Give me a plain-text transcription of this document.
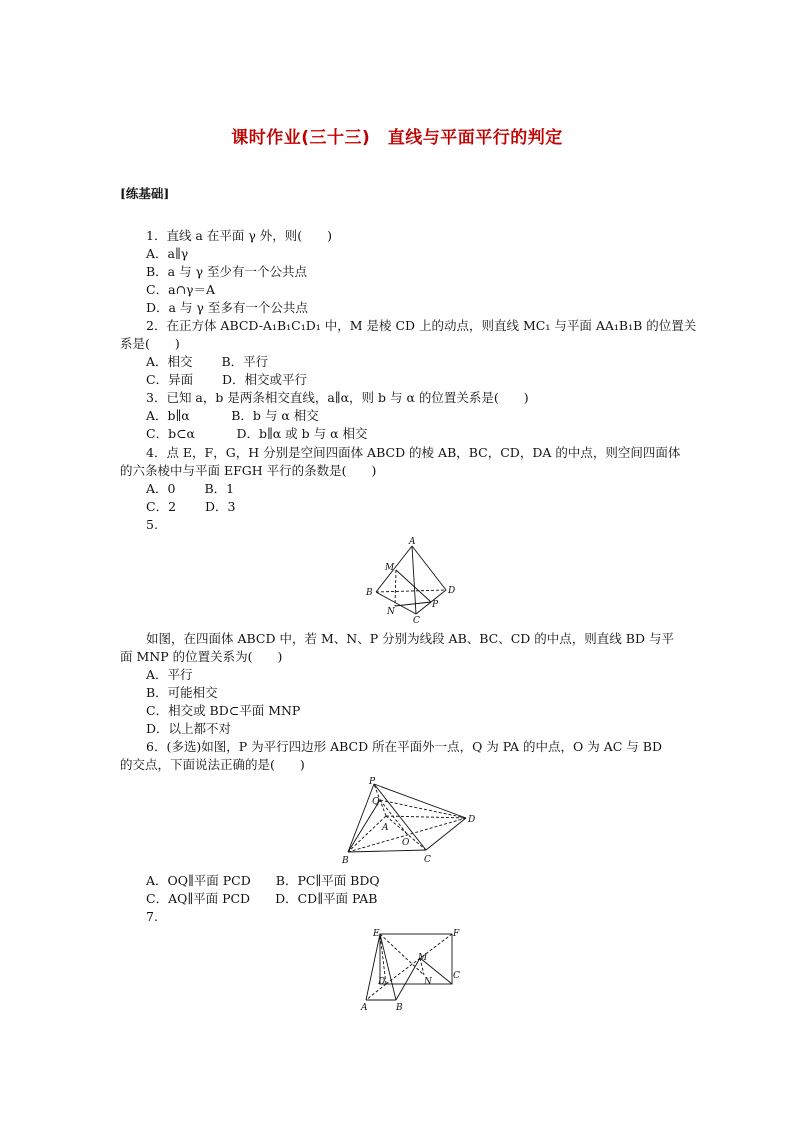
课时作业(三十三)　直线与平面平行的判定
[练基础]
1．直线 a 在平面 γ 外，则(　　)
A．a∥γ
B．a 与 γ 至少有一个公共点
C．a∩γ＝A
D．a 与 γ 至多有一个公共点
2．在正方体 ABCD-A₁B₁C₁D₁ 中，M 是棱 CD 上的动点，则直线 MC₁ 与平面 AA₁B₁B 的位置关
系是(　　)
A．相交　　 B．平行
C．异面　　 D．相交或平行
3．已知 a，b 是两条相交直线，a∥α，则 b 与 α 的位置关系是(　　)
A．b∥α　　　 B．b 与 α 相交
C．b⊂α　　　 D．b∥α 或 b 与 α 相交
4．点 E，F，G，H 分别是空间四面体 ABCD 的棱 AB，BC，CD，DA 的中点，则空间四面体
的六条棱中与平面 EFGH 平行的条数是(　　)
A．0　　 B．1
C．2　　 D．3
5.
A
M
B
N
C
P
D
如图，在四面体 ABCD 中，若 M、N、P 分别为线段 AB、BC、CD 的中点，则直线 BD 与平
面 MNP 的位置关系为(　　)
A．平行
B．可能相交
C．相交或 BD⊂平面 MNP
D．以上都不对
6．(多选)如图，P 为平行四边形 ABCD 所在平面外一点，Q 为 PA 的中点，O 为 AC 与 BD
的交点，下面说法正确的是(　　)
P
Q
A
O
D
B	C
A．OQ∥平面 PCD　　B．PC∥平面 BDQ
C．AQ∥平面 PCD　　D．CD∥平面 PAB
7.
E	F
M
C
D	N
A	B
